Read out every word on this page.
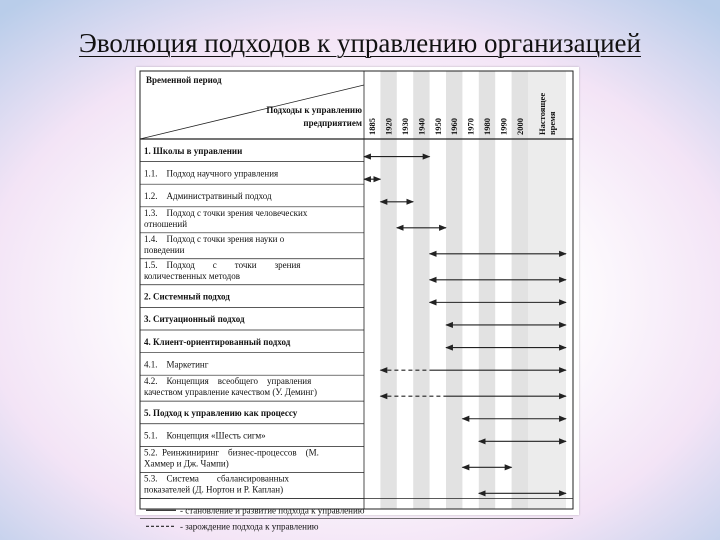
Эволюция подходов к управлению организацией
Временной период
Подходы к управлению
предприятием 1885 1920 1930 1940 1950 1960 1970 1980 1990 2000 Настоящее время
1. Школы в управлении
1.1.    Подход научного управления
1.2.    Администратвиный подход
1.3.    Подход с точки зрения человеческих
отношений
1.4.    Подход с точки зрения науки о
поведении
1.5.    Подход        с        точки        зрения
количественных методов
2. Системный подход
3. Ситуационный подход
4. Клиент-ориентированный подход
4.1.    Маркетинг
4.2.    Концепция    всеобщего    управления
качеством управление качеством (У. Деминг)
5. Подход к управлению как процессу
5.1.    Концепция «Шесть сигм»
5.2.  Реинжиниринг    бизнес-процессов    (М.
Хаммер и Дж. Чампи)
5.3.    Система        сбалансированных
показателей (Д. Нортон и Р. Каплан)
- становление и развитие подхода к управлению
- зарождение подхода к управлению
